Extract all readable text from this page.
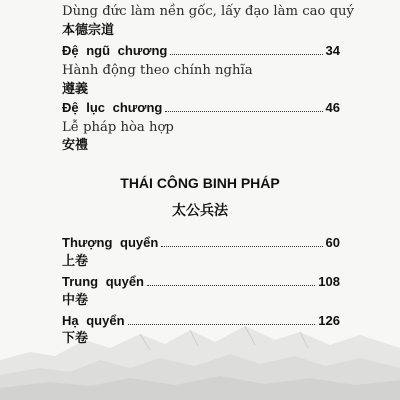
Dùng đức làm nền gốc, lấy đạo làm cao quý
本德宗道
Đệ ngũ chương	34
Hành động theo chính nghĩa
遵義
Đệ lục chương	46
Lễ pháp hòa hợp
安禮
THÁI CÔNG BINH PHÁP
太公兵法
Thượng quyển	60
上卷
Trung quyển	108
中卷
Hạ quyển	126
下卷
